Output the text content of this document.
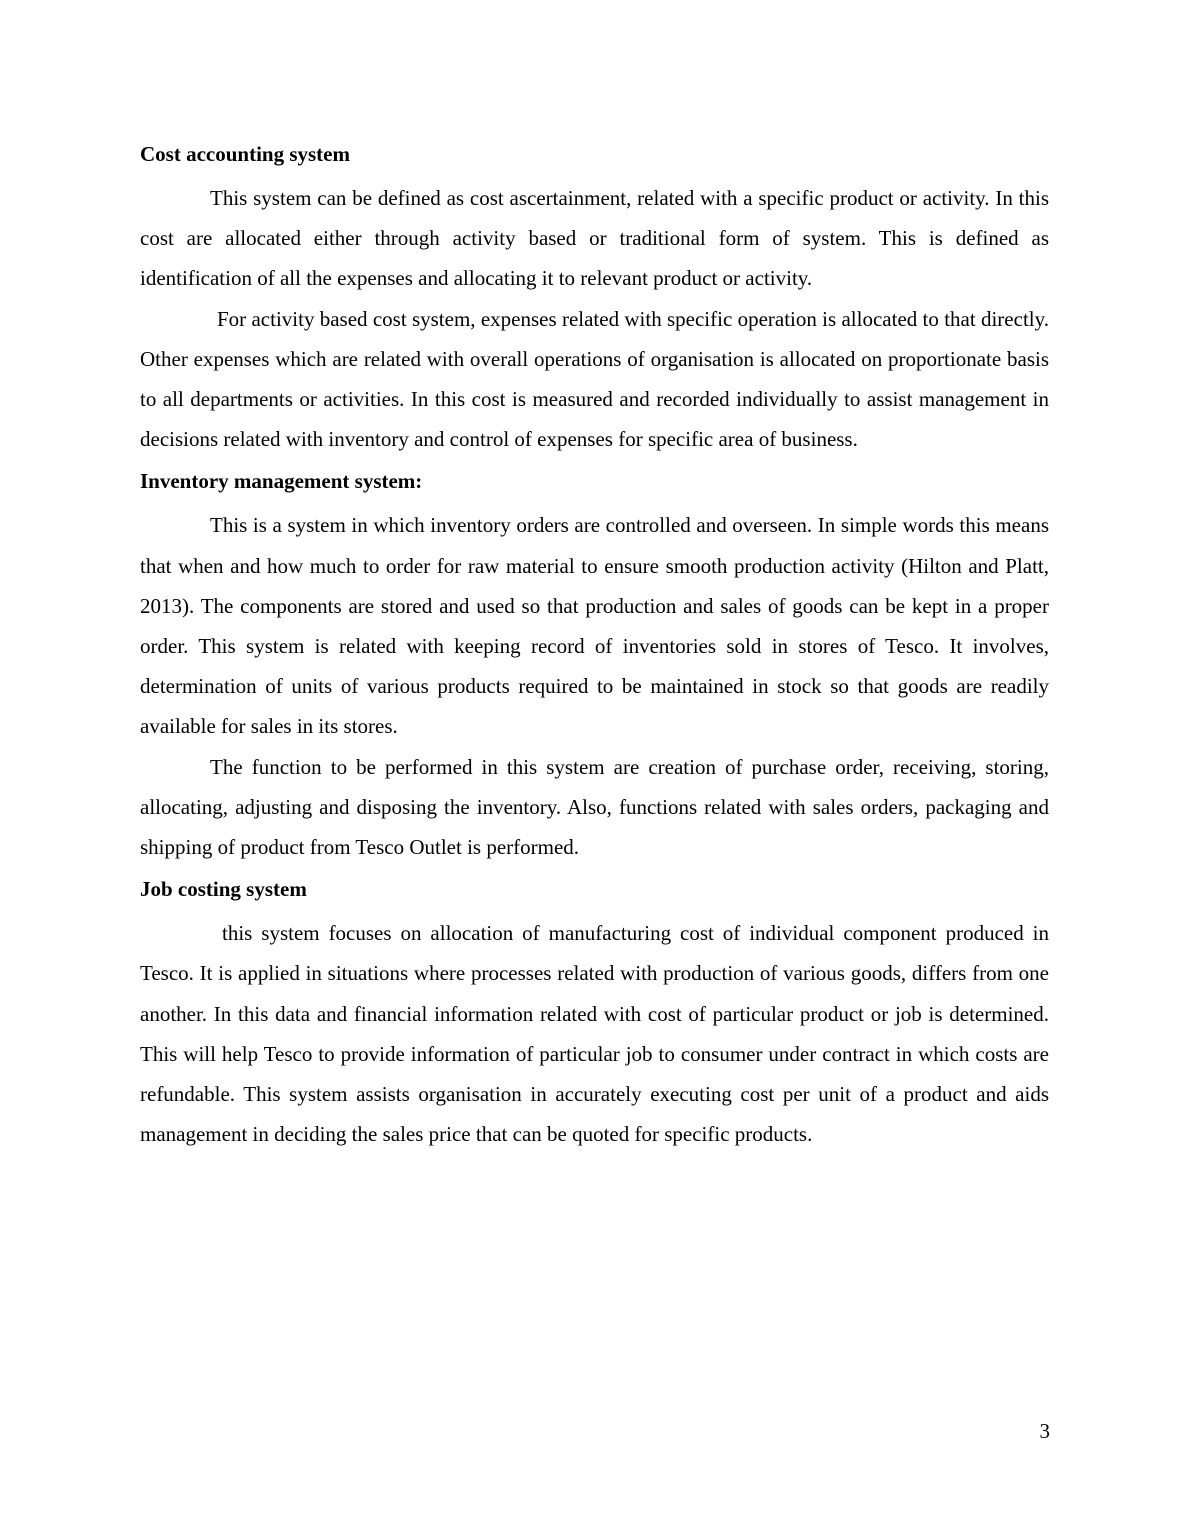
Cost accounting system

This system can be defined as cost ascertainment, related with a specific product or activity. In this cost are allocated either through activity based or traditional form of system. This is defined as identification of all the expenses and allocating it to relevant product or activity.

For activity based cost system, expenses related with specific operation is allocated to that directly. Other expenses which are related with overall operations of organisation is allocated on proportionate basis to all departments or activities. In this cost is measured and recorded individually to assist management in decisions related with inventory and control of expenses for specific area of business.

Inventory management system:

This is a system in which inventory orders are controlled and overseen. In simple words this means that when and how much to order for raw material to ensure smooth production activity (Hilton and Platt, 2013). The components are stored and used so that production and sales of goods can be kept in a proper order. This system is related with keeping record of inventories sold in stores of Tesco. It involves, determination of units of various products required to be maintained in stock so that goods are readily available for sales in its stores.

The function to be performed in this system are creation of purchase order, receiving, storing, allocating, adjusting and disposing the inventory. Also, functions related with sales orders, packaging and shipping of product from Tesco Outlet is performed.

Job costing system

this system focuses on allocation of manufacturing cost of individual component produced in Tesco. It is applied in situations where processes related with production of various goods, differs from one another. In this data and financial information related with cost of particular product or job is determined. This will help Tesco to provide information of particular job to consumer under contract in which costs are refundable. This system assists organisation in accurately executing cost per unit of a product and aids management in deciding the sales price that can be quoted for specific products.

3
